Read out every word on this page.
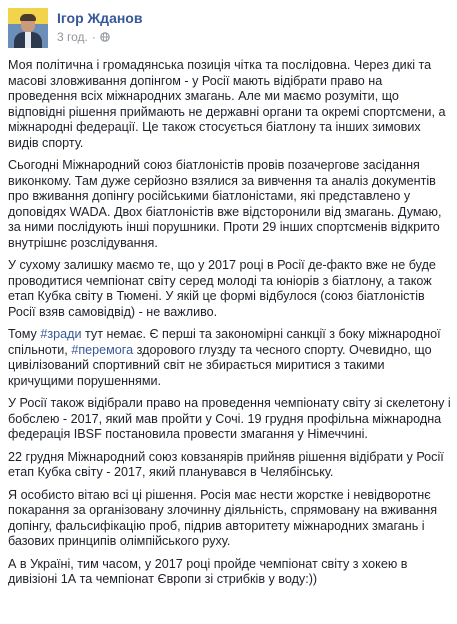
Ігор Жданов
3 год. ·

Моя політична і громадянська позиція чітка та послідовна. Через дикі та масові зловживання допінгом - у Росії мають відібрати право на проведення всіх міжнародних змагань. Але ми маємо розуміти, що відповідні рішення приймають не державні органи та окремі спортсмени, а міжнародні федерації. Це також стосується біатлону та інших зимових видів спорту.

Сьогодні Міжнародний союз біатлоністів провів позачергове засідання виконкому. Там дуже серйозно взялися за вивчення та аналіз документів про вживання допінгу російськими біатлоністами, які представлено у доповідях WADA. Двох біатлоністів вже відсторонили від змагань. Думаю, за ними послідують інші порушники. Проти 29 інших спортсменів відкрито внутрішнє розслідування.

У сухому залишку маємо те, що у 2017 році в Росії де-факто вже не буде проводитися чемпіонат світу серед молоді та юніорів з біатлону, а також етап Кубка світу в Тюмені. У якій це формі відбулося (союз біатлоністів Росії взяв самовідвід) - не важливо.

Тому #зради тут немає. Є перші та закономірні санкції з боку міжнародної спільноти, #перемога здорового глузду та чесного спорту. Очевидно, що цивілізований спортивний світ не збирається миритися з такими кричущими порушеннями.

У Росії також відібрали право на проведення чемпіонату світу зі скелетону і бобслею - 2017, який мав пройти у Сочі. 19 грудня профільна міжнародна федерація IBSF постановила провести змагання у Німеччині.

22 грудня Міжнародний союз ковзанярів прийняв рішення відібрати у Росії етап Кубка світу - 2017, який планувався в Челябінську.

Я особисто вітаю всі ці рішення. Росія має нести жорстке і невідворотнє покарання за організовану злочинну діяльність, спрямовану на вживання допінгу, фальсифікацію проб, підрив авторитету міжнародних змагань і базових принципів олімпійського руху.

А в Україні, тим часом, у 2017 році пройде чемпіонат світу з хокею в дивізіоні 1А та чемпіонат Європи зі стрибків у воду:))
